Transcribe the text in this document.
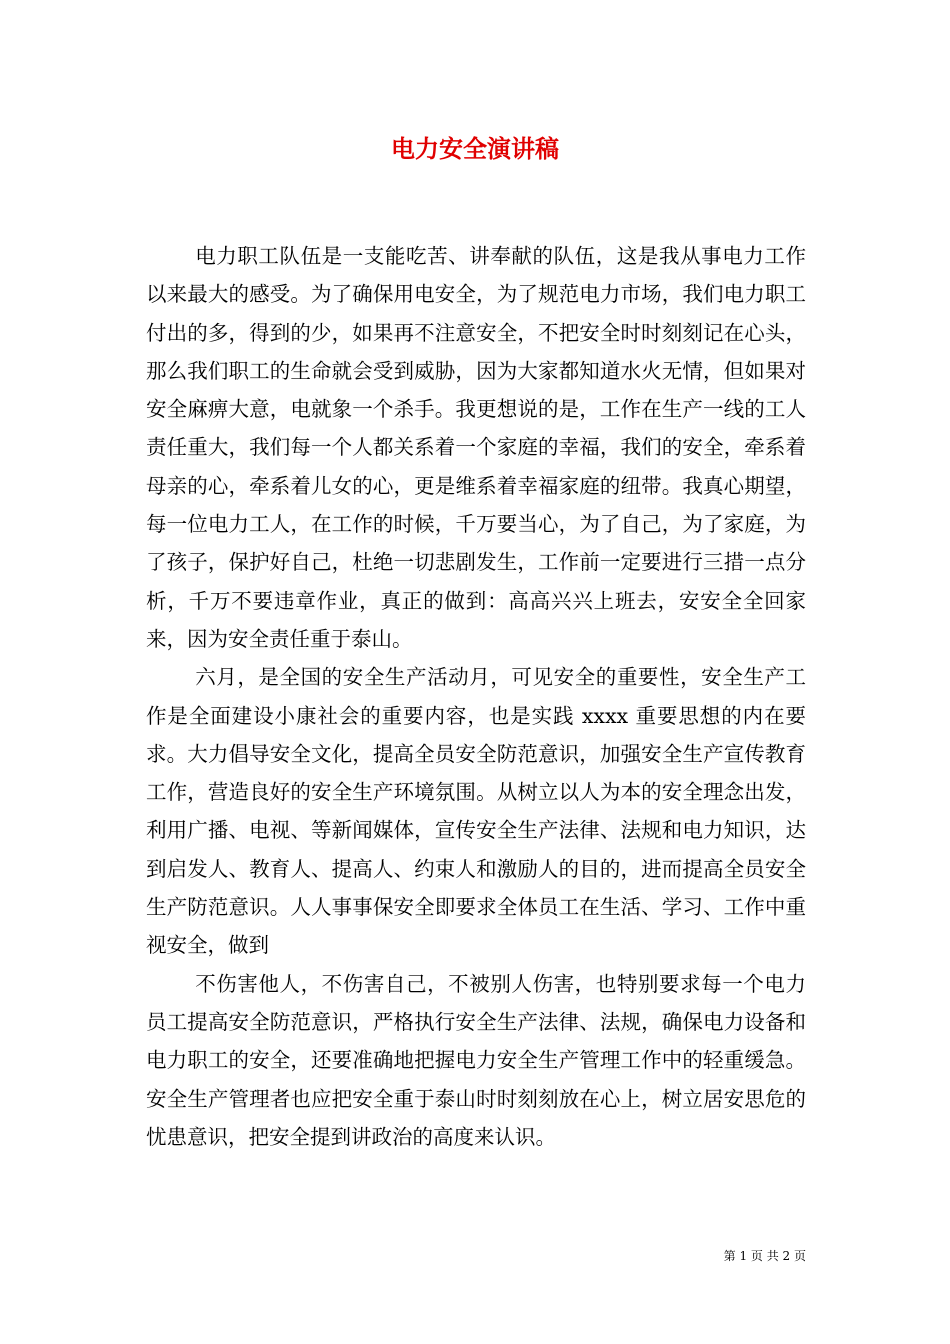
电力安全演讲稿

电力职工队伍是一支能吃苦、讲奉献的队伍，这是我从事电力工作以来最大的感受。为了确保用电安全，为了规范电力市场，我们电力职工付出的多，得到的少，如果再不注意安全，不把安全时时刻刻记在心头，那么我们职工的生命就会受到威胁，因为大家都知道水火无情，但如果对安全麻痹大意，电就象一个杀手。我更想说的是，工作在生产一线的工人责任重大，我们每一个人都关系着一个家庭的幸福，我们的安全，牵系着母亲的心，牵系着儿女的心，更是维系着幸福家庭的纽带。我真心期望，每一位电力工人，在工作的时候，千万要当心，为了自己，为了家庭，为了孩子，保护好自己，杜绝一切悲剧发生，工作前一定要进行三措一点分析，千万不要违章作业，真正的做到：高高兴兴上班去，安安全全回家来，因为安全责任重于泰山。

六月，是全国的安全生产活动月，可见安全的重要性，安全生产工作是全面建设小康社会的重要内容，也是实践 xxxx 重要思想的内在要求。大力倡导安全文化，提高全员安全防范意识，加强安全生产宣传教育工作，营造良好的安全生产环境氛围。从树立以人为本的安全理念出发，利用广播、电视、等新闻媒体，宣传安全生产法律、法规和电力知识，达到启发人、教育人、提高人、约束人和激励人的目的，进而提高全员安全生产防范意识。人人事事保安全即要求全体员工在生活、学习、工作中重视安全，做到

不伤害他人，不伤害自己，不被别人伤害，也特别要求每一个电力员工提高安全防范意识，严格执行安全生产法律、法规，确保电力设备和电力职工的安全，还要准确地把握电力安全生产管理工作中的轻重缓急。安全生产管理者也应把安全重于泰山时时刻刻放在心上，树立居安思危的忧患意识，把安全提到讲政治的高度来认识。

第 1 页 共 2 页
